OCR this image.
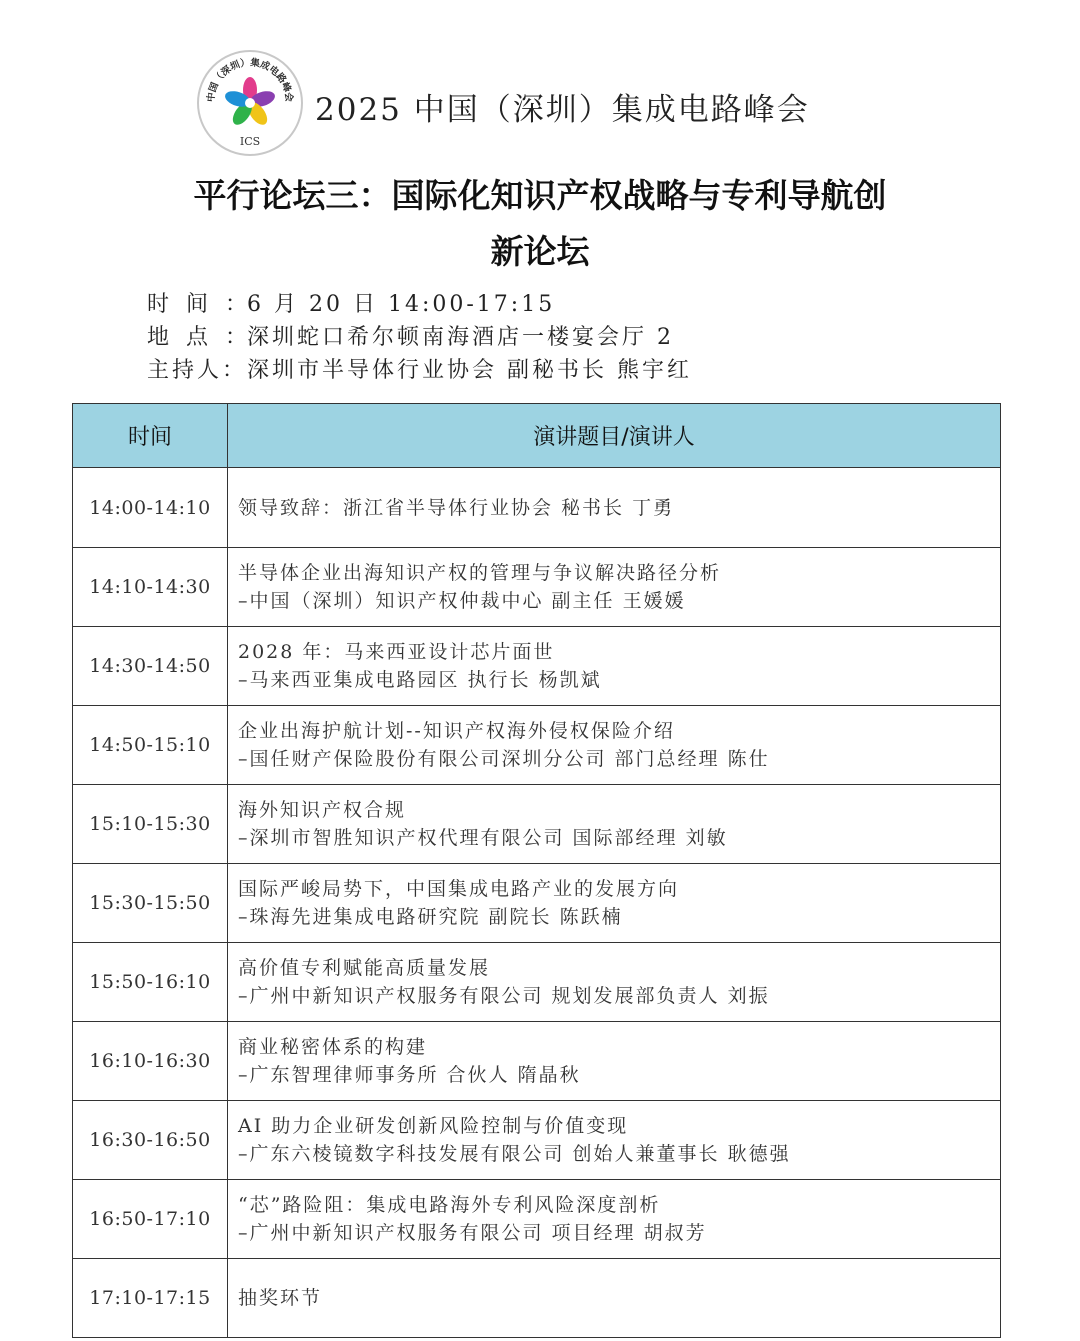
中国（深圳）集成电路峰会
ICS
2025 中国（深圳）集成电路峰会
平行论坛三：国际化知识产权战略与专利导航创
新论坛
时间：6 月 20 日 14:00-17:15
地点：深圳蛇口希尔顿南海酒店一楼宴会厅 2
主持人：深圳市半导体行业协会 副秘书长 熊宇红
时间	演讲题目/演讲人
14:00-14:10	领导致辞：浙江省半导体行业协会 秘书长 丁勇

14:10-14:30	半导体企业出海知识产权的管理与争议解决路径分析
–中国（深圳）知识产权仲裁中心 副主任 王媛媛

14:30-14:50	2028 年：马来西亚设计芯片面世
–马来西亚集成电路园区 执行长 杨凯斌

14:50-15:10	企业出海护航计划--知识产权海外侵权保险介绍
–国任财产保险股份有限公司深圳分公司 部门总经理 陈仕

15:10-15:30	海外知识产权合规
–深圳市智胜知识产权代理有限公司 国际部经理 刘敏

15:30-15:50	国际严峻局势下，中国集成电路产业的发展方向
–珠海先进集成电路研究院 副院长 陈跃楠

15:50-16:10	高价值专利赋能高质量发展
–广州中新知识产权服务有限公司 规划发展部负责人 刘振

16:10-16:30	商业秘密体系的构建
–广东智理律师事务所 合伙人 隋晶秋

16:30-16:50	AI 助力企业研发创新风险控制与价值变现
–广东六棱镜数字科技发展有限公司 创始人兼董事长 耿德强

16:50-17:10	“芯”路险阻：集成电路海外专利风险深度剖析
–广州中新知识产权服务有限公司 项目经理 胡叔芳

17:10-17:15	抽奖环节
